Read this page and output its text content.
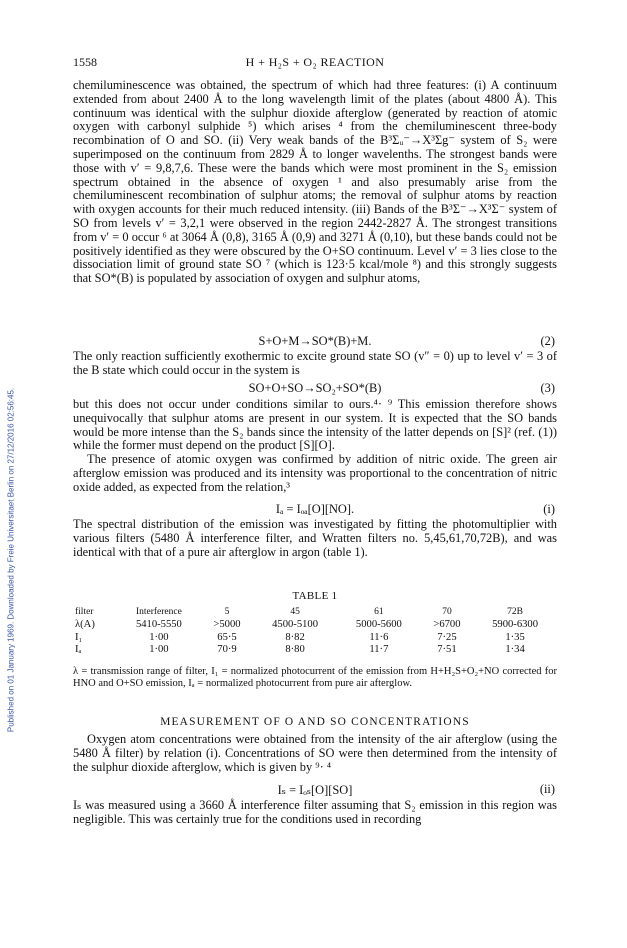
Published on 01 January 1969. Downloaded by Freie Universitaet Berlin on 27/12/2016 02:56:45.
1558	H + H₂S + O₂ REACTION

chemiluminescence was obtained, the spectrum of which had three features: (i) A continuum extended from about 2400 Å to the long wavelength limit of the plates (about 4800 Å). This continuum was identical with the sulphur dioxide afterglow (generated by reaction of atomic oxygen with carbonyl sulphide ⁵) which arises ⁴ from the chemiluminescent three-body recombination of O and SO. (ii) Very weak bands of the B³Σᵤ⁻→X³Σg⁻ system of S₂ were superimposed on the continuum from 2829 Å to longer wavelenths. The strongest bands were those with v′ = 9,8,7,6. These were the bands which were most prominent in the S₂ emission spectrum obtained in the absence of oxygen ¹ and also presumably arise from the chemiluminescent recombination of sulphur atoms; the removal of sulphur atoms by reaction with oxygen accounts for their much reduced intensity. (iii) Bands of the B³Σ⁻→X³Σ⁻ system of SO from levels v′ = 3,2,1 were observed in the region 2442-2827 Å. The strongest transitions from v′ = 0 occur ⁶ at 3064 Å (0,8), 3165 Å (0,9) and 3271 Å (0,10), but these bands could not be positively identified as they were obscured by the O+SO continuum. Level v′ = 3 lies close to the dissociation limit of ground state SO ⁷ (which is 123·5 kcal/mole ⁸) and this strongly suggests that SO*(B) is populated by association of oxygen and sulphur atoms,

S+O+M→SO*(B)+M.	(2)

The only reaction sufficiently exothermic to excite ground state SO (v″ = 0) up to level v′ = 3 of the B state which could occur in the system is

SO+O+SO→SO₂+SO*(B)	(3)

but this does not occur under conditions similar to ours.⁴· ⁹ This emission therefore shows unequivocally that sulphur atoms are present in our system. It is expected that the SO bands would be more intense than the S₂ bands since the intensity of the latter depends on [S]² (ref. (1)) while the former must depend on the product [S][O].

The presence of atomic oxygen was confirmed by addition of nitric oxide. The green air afterglow emission was produced and its intensity was proportional to the concentration of nitric oxide added, as expected from the relation,³

Iₐ = Iₒₐ[O][NO].	(i)

The spectral distribution of the emission was investigated by fitting the photomultiplier with various filters (5480 Å interference filter, and Wratten filters no. 5,45,61,70,72B), and was identical with that of a pure air afterglow in argon (table 1).

TABLE 1
filter	Interference	5	45	61	70	72B
λ(A)	5410-5550	>5000	4500-5100	5000-5600	>6700	5900-6300
I₁	1·00	65·5	8·82	11·6	7·25	1·35
Iₐ	1·00	70·9	8·80	11·7	7·51	1·34

λ = transmission range of filter, I₁ = normalized photocurrent of the emission from H+H₂S+O₂+NO corrected for HNO and O+SO emission, Iₐ = normalized photocurrent from pure air afterglow.

MEASUREMENT OF O AND SO CONCENTRATIONS

Oxygen atom concentrations were obtained from the intensity of the air afterglow (using the 5480 Å filter) by relation (i). Concentrations of SO were then determined from the intensity of the sulphur dioxide afterglow, which is given by ⁹· ⁴

Iₛ = Iₒₛ[O][SO]	(ii)

Iₛ was measured using a 3660 Å interference filter assuming that S₂ emission in this region was negligible. This was certainly true for the conditions used in recording
